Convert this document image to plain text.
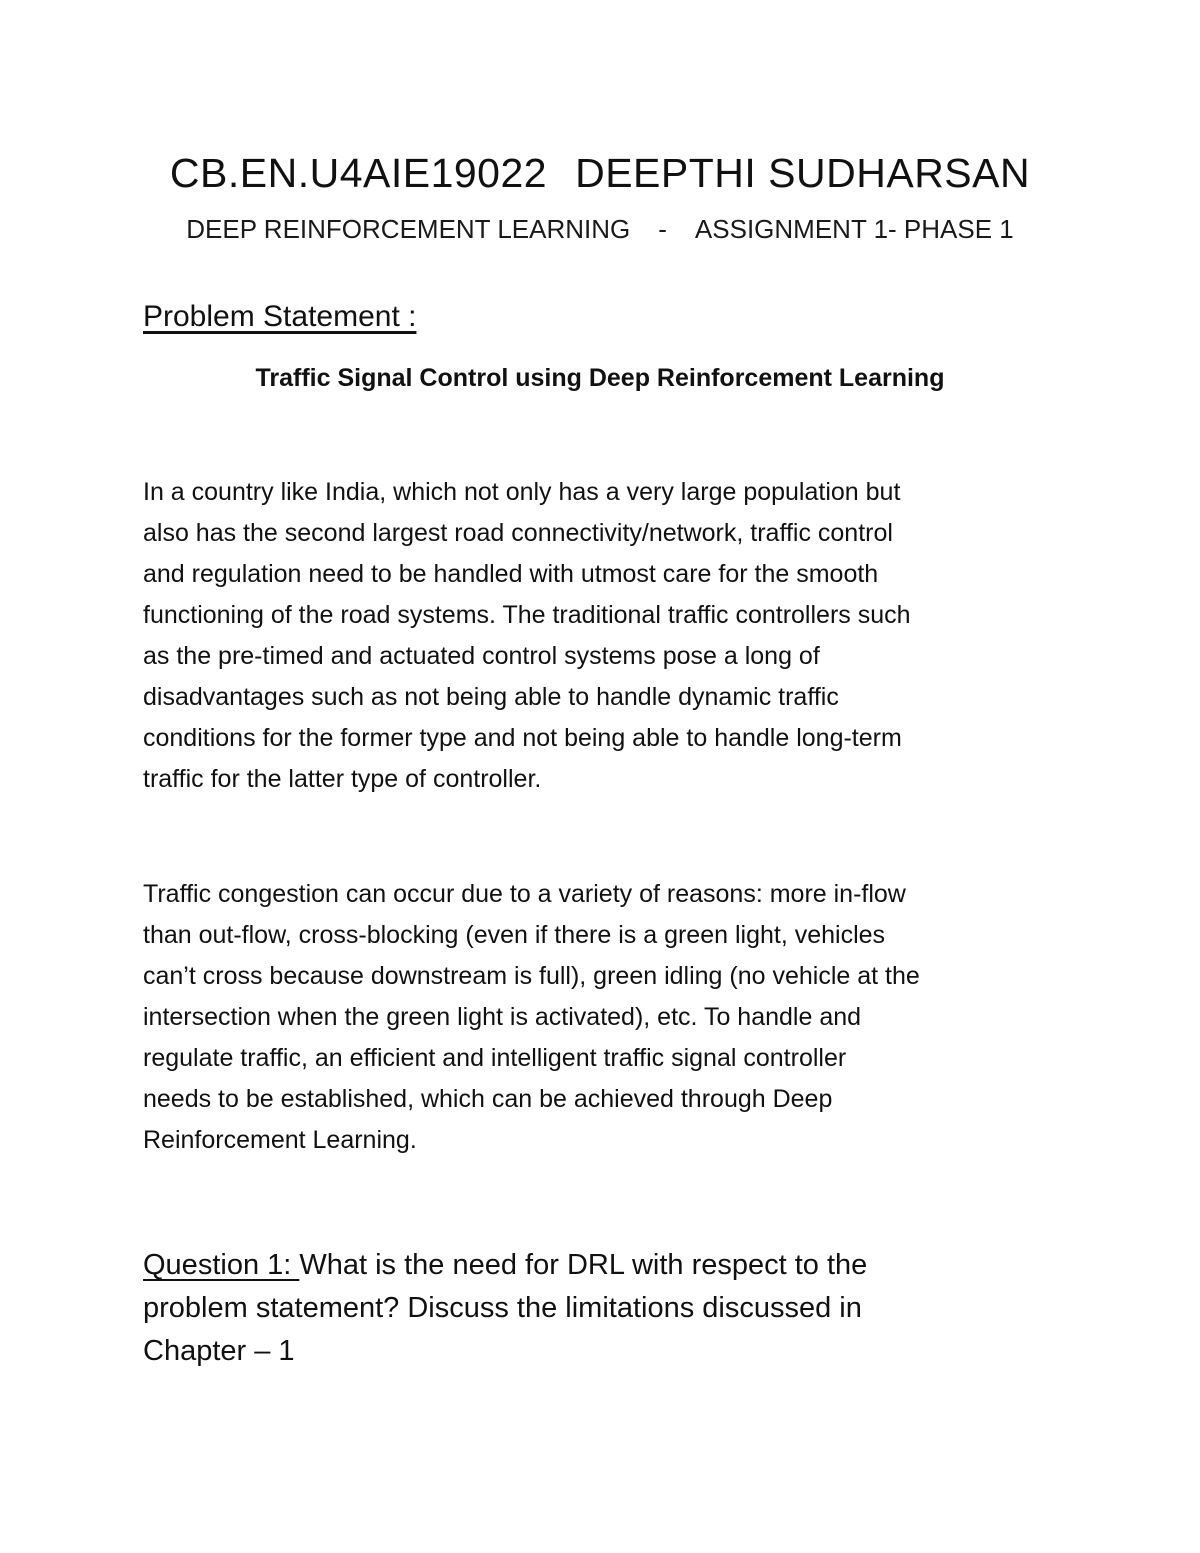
CB.EN.U4AIE19022 DEEPTHI SUDHARSAN
DEEP REINFORCEMENT LEARNING - ASSIGNMENT 1- PHASE 1
Problem Statement :
Traffic Signal Control using Deep Reinforcement Learning
In a country like India, which not only has a very large population but
also has the second largest road connectivity/network, traffic control
and regulation need to be handled with utmost care for the smooth
functioning of the road systems. The traditional traffic controllers such
as the pre-timed and actuated control systems pose a long of
disadvantages such as not being able to handle dynamic traffic
conditions for the former type and not being able to handle long-term
traffic for the latter type of controller.
Traffic congestion can occur due to a variety of reasons: more in-flow
than out-flow, cross-blocking (even if there is a green light, vehicles
can’t cross because downstream is full), green idling (no vehicle at the
intersection when the green light is activated), etc. To handle and
regulate traffic, an efficient and intelligent traffic signal controller
needs to be established, which can be achieved through Deep
Reinforcement Learning.
Question 1: What is the need for DRL with respect to the
problem statement? Discuss the limitations discussed in
Chapter – 1
